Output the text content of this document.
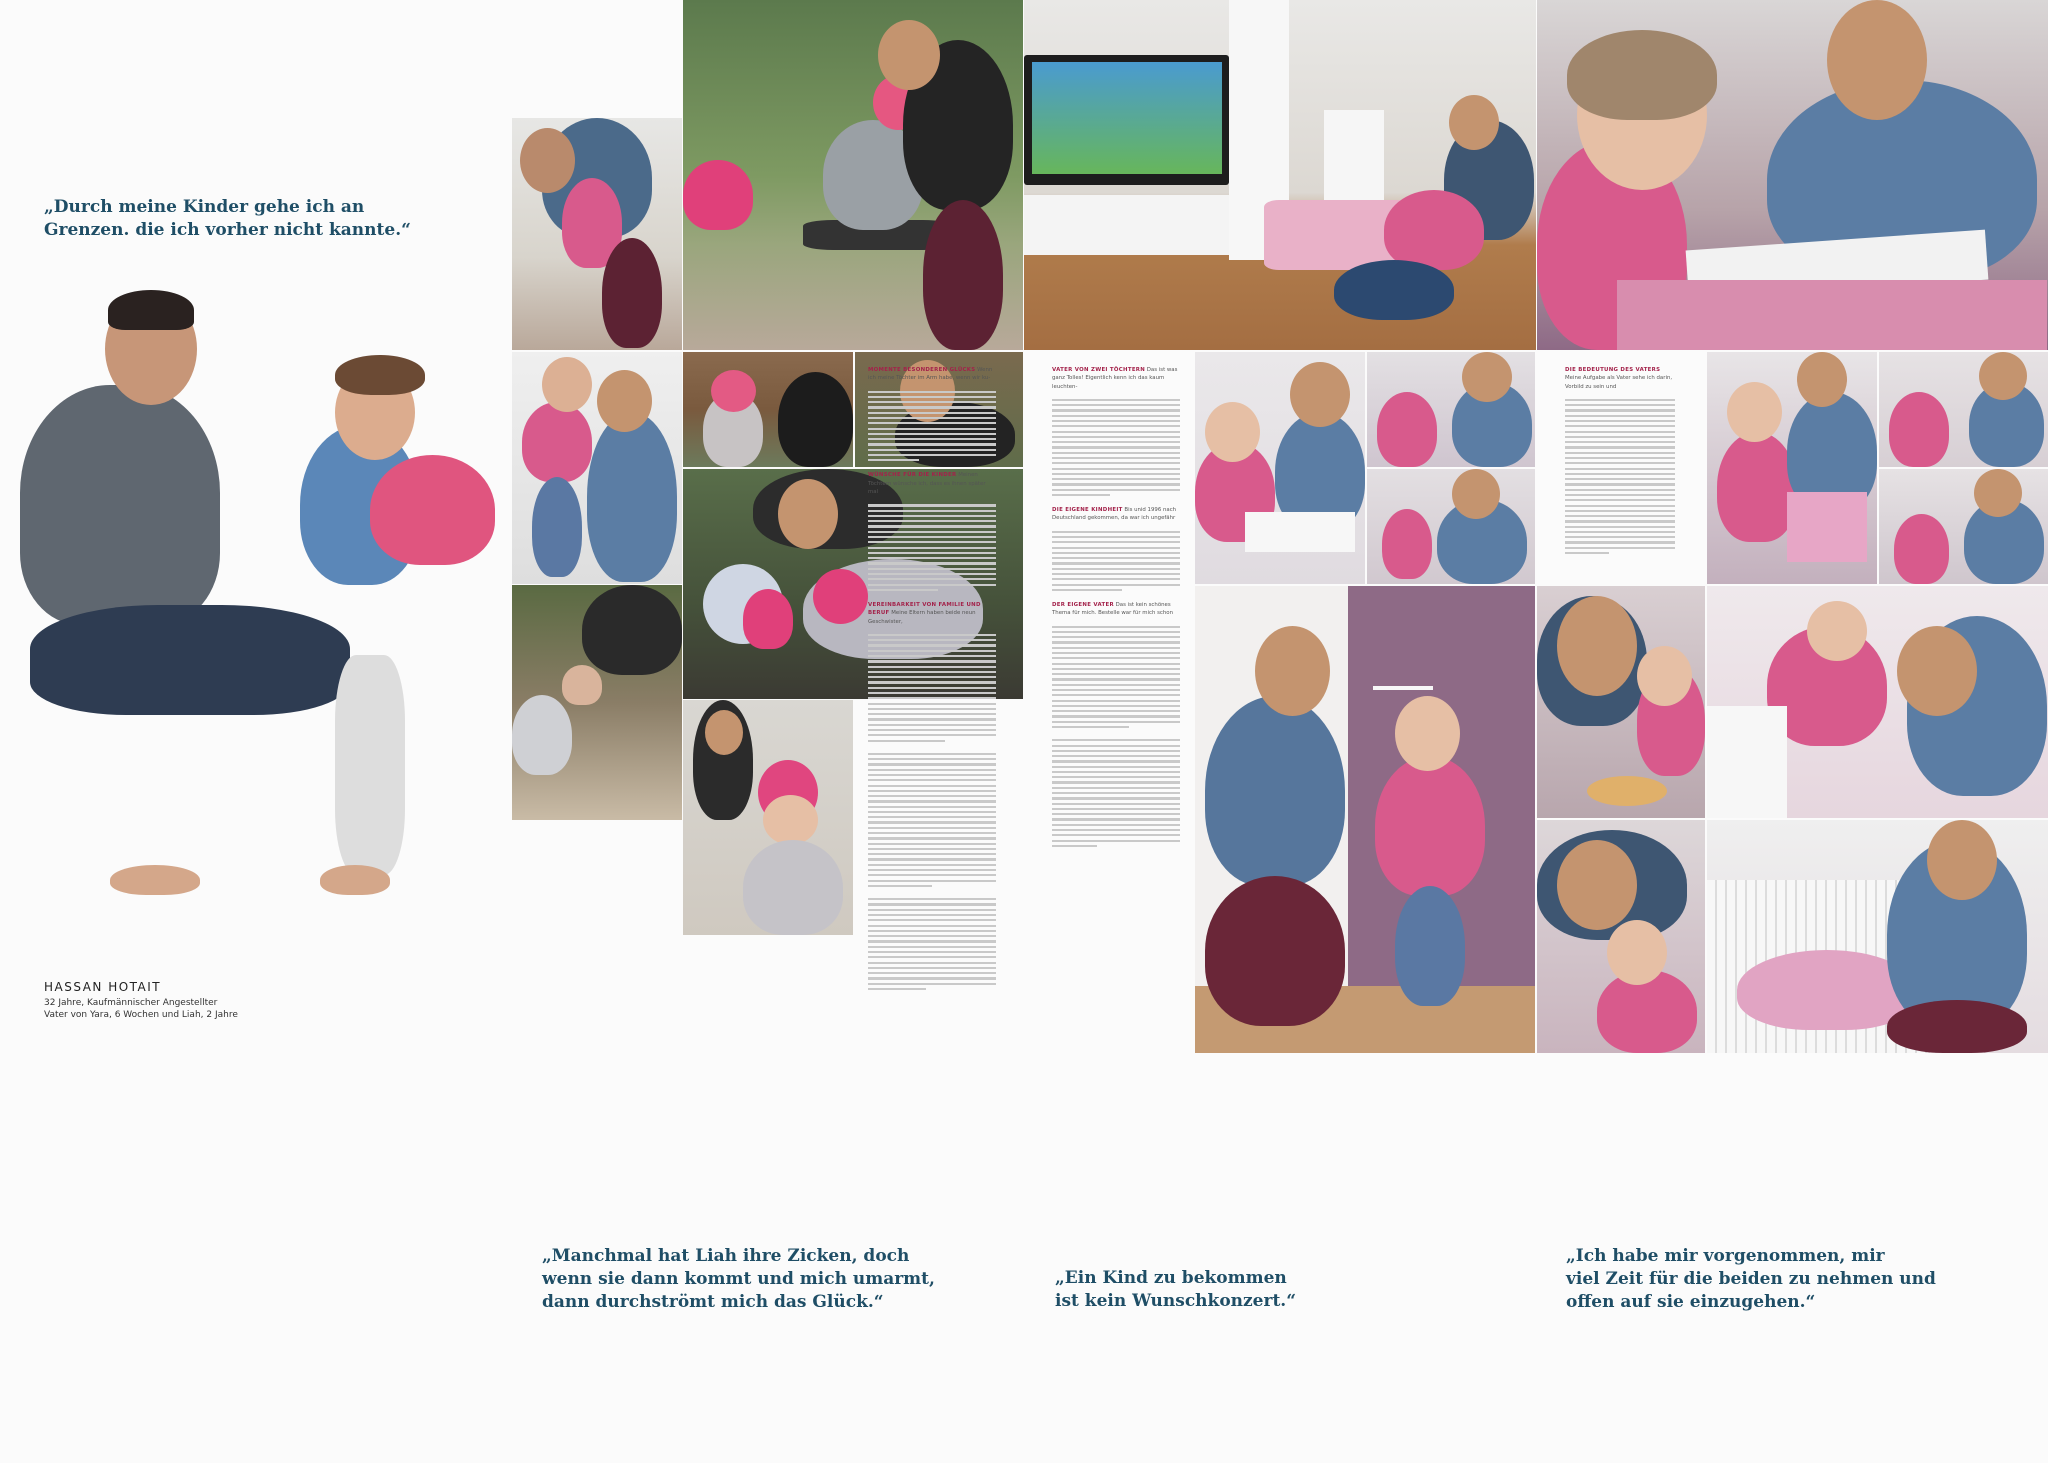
„Durch meine Kinder gehe ich an
Grenzen. die ich vorher nicht kannte.“
„Manchmal hat Liah ihre Zicken, doch
wenn sie dann kommt und mich umarmt,
dann durchströmt mich das Glück.“
„Ein Kind zu bekommen
ist kein Wunschkonzert.“
„Ich habe mir vorgenommen, mir
viel Zeit für die beiden zu nehmen und
offen auf sie einzugehen.“
HASSAN HOTAIT
32 Jahre, Kaufmännischer Angestellter
Vater von Yara, 6 Wochen und Liah, 2 Jahre

MOMENTE BESONDEREN GLÜCKS Wenn ich meine Töchter im Arm habe, wenn wir ku-

WÜNSCHE FÜR DIE KINDER Meinen Töchtern wünsche ich, dass es ihnen später mal

VEREINBARKEIT VON FAMILIE UND BERUF Meine Eltern haben beide neun Geschwister,

VATER VON ZWEI TÖCHTERN Das ist was ganz Tolles! Eigentlich kenn ich das kaum leuchten-

DIE EIGENE KINDHEIT Bis unid 1996 nach Deutschland gekommen, da war ich ungefähr

DER EIGENE VATER Das ist kein schönes Thema für mich. Bestelle war für mich schon

DIE BEDEUTUNG DES VATERS Meine Aufgabe als Vater sehe ich darin, Vorbild zu sein und
